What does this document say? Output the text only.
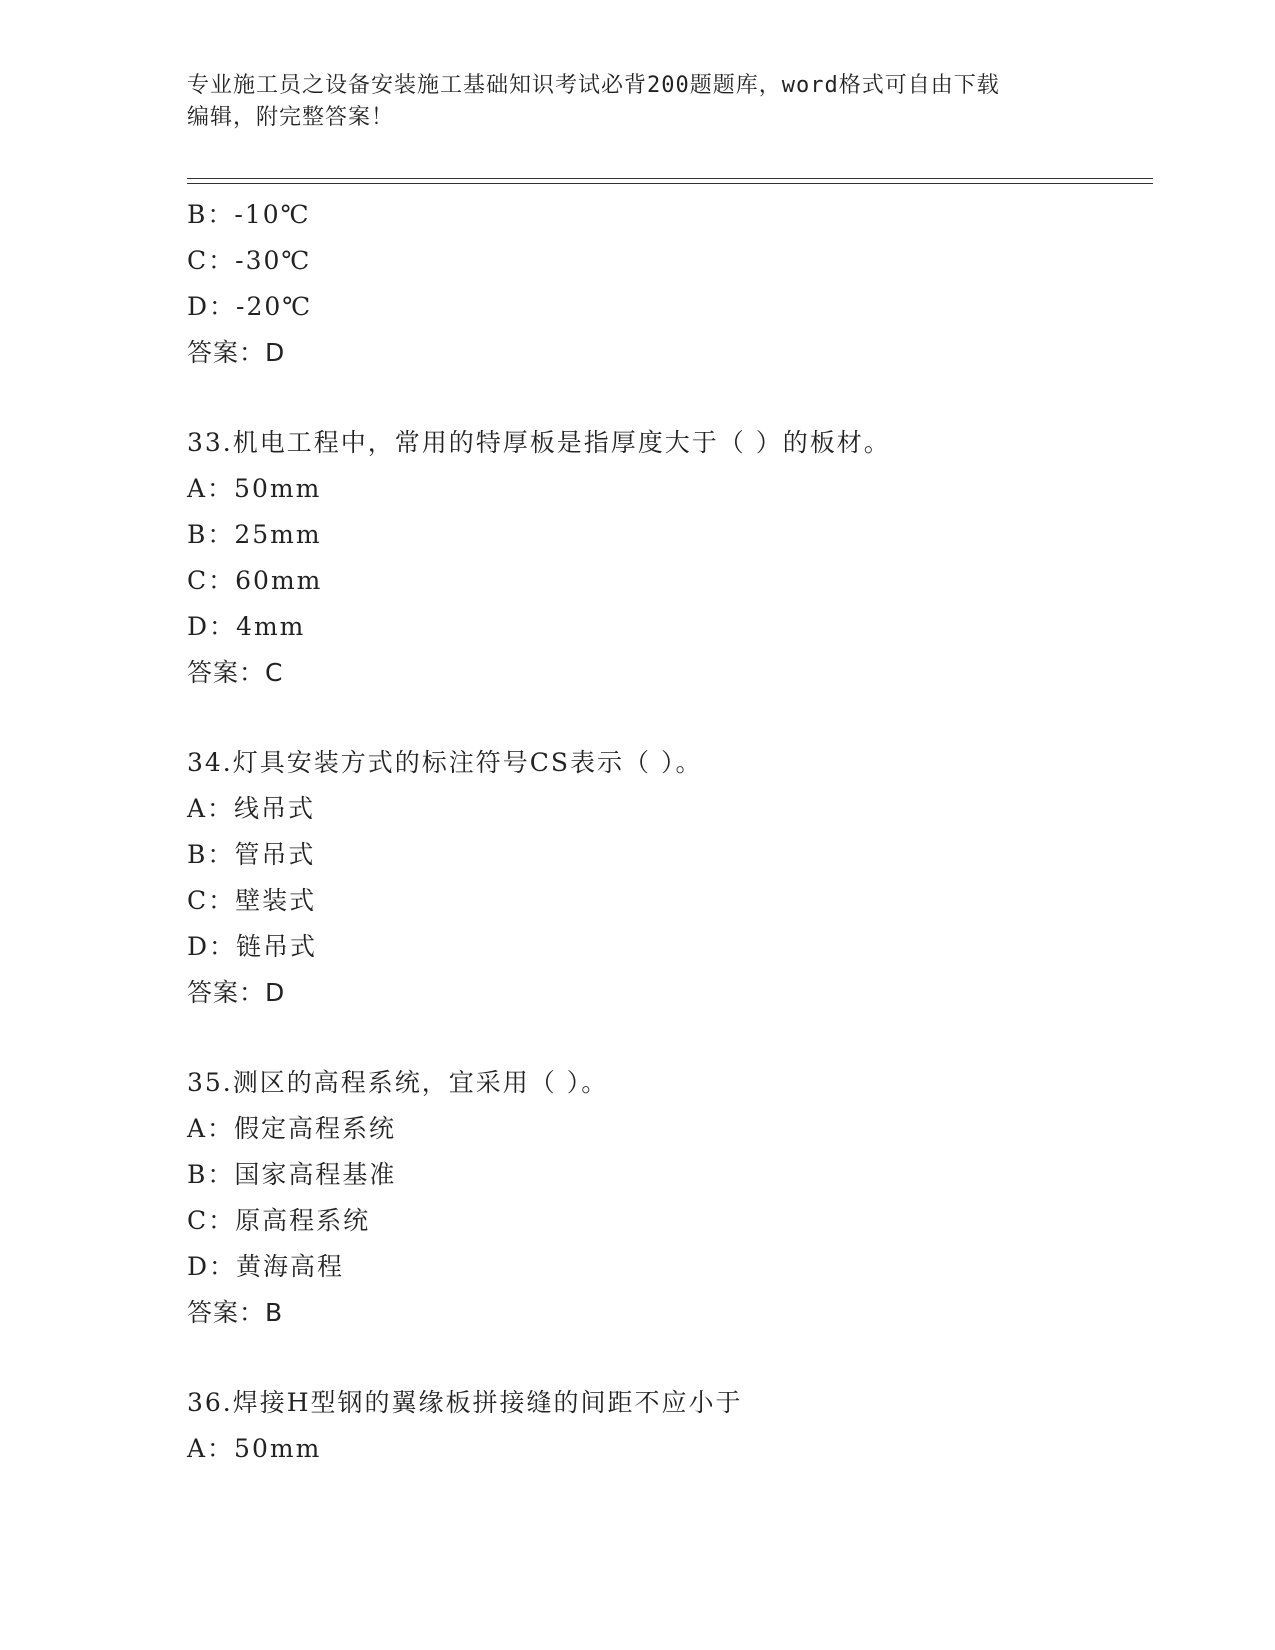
专业施工员之设备安装施工基础知识考试必背200题题库，word格式可自由下载
编辑，附完整答案！
B：-10℃
C：-30℃
D：-20℃
答案：D
33.机电工程中，常用的特厚板是指厚度大于（ ）的板材。
A：50mm
B：25mm
C：60mm
D：4mm
答案：C
34.灯具安装方式的标注符号CS表示（ ）。
A：线吊式
B：管吊式
C：壁装式
D：链吊式
答案：D
35.测区的高程系统，宜采用（ ）。
A：假定高程系统
B：国家高程基准
C：原高程系统
D：黄海高程
答案：B
36.焊接H型钢的翼缘板拼接缝的间距不应小于
A：50mm
